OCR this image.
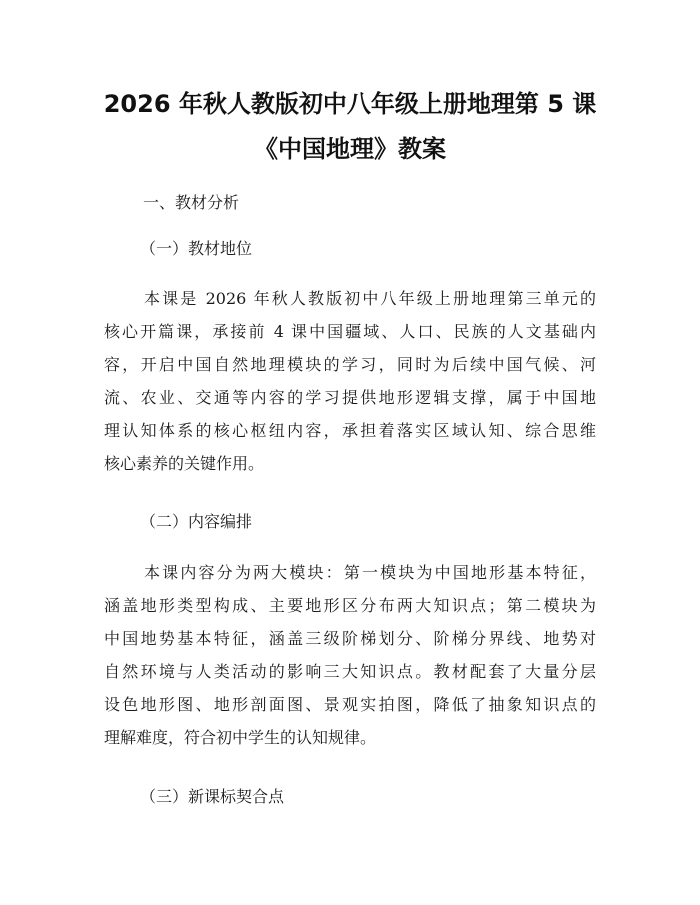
2026 年秋人教版初中八年级上册地理第 5 课
《中国地理》教案
一、教材分析
（一）教材地位
本课是 2026 年秋人教版初中八年级上册地理第三单元的
核心开篇课，承接前 4 课中国疆域、人口、民族的人文基础内
容，开启中国自然地理模块的学习，同时为后续中国气候、河
流、农业、交通等内容的学习提供地形逻辑支撑，属于中国地
理认知体系的核心枢纽内容，承担着落实区域认知、综合思维
核心素养的关键作用。
（二）内容编排
本课内容分为两大模块：第一模块为中国地形基本特征，
涵盖地形类型构成、主要地形区分布两大知识点；第二模块为
中国地势基本特征，涵盖三级阶梯划分、阶梯分界线、地势对
自然环境与人类活动的影响三大知识点。教材配套了大量分层
设色地形图、地形剖面图、景观实拍图，降低了抽象知识点的
理解难度，符合初中学生的认知规律。
（三）新课标契合点
